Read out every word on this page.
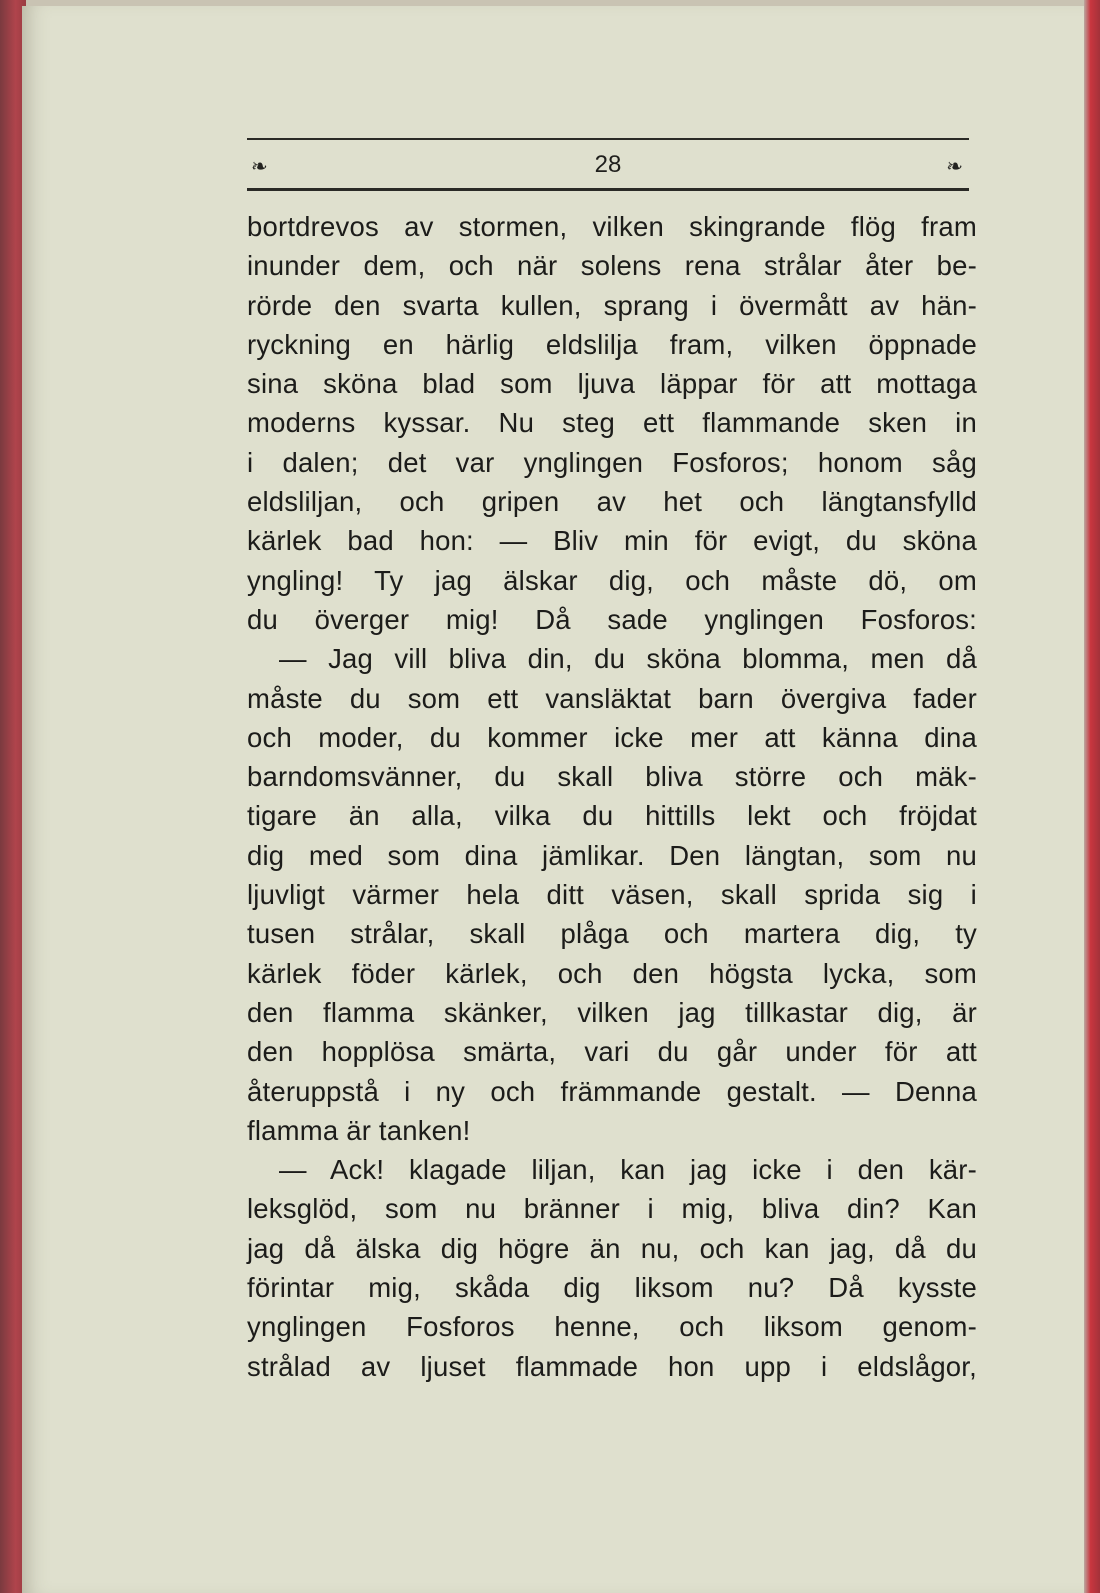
❧	28	❧
bortdrevos av stormen, vilken skingrande flög fram
inunder dem, och när solens rena strålar åter be-
rörde den svarta kullen, sprang i övermått av hän-
ryckning en härlig eldslilja fram, vilken öppnade
sina sköna blad som ljuva läppar för att mottaga
moderns kyssar. Nu steg ett flammande sken in
i dalen; det var ynglingen Fosforos; honom såg
eldsliljan, och gripen av het och längtansfylld
kärlek bad hon: — Bliv min för evigt, du sköna
yngling! Ty jag älskar dig, och måste dö, om
du överger mig! Då sade ynglingen Fosforos:
— Jag vill bliva din, du sköna blomma, men då
måste du som ett vansläktat barn övergiva fader
och moder, du kommer icke mer att känna dina
barndomsvänner, du skall bliva större och mäk-
tigare än alla, vilka du hittills lekt och fröjdat
dig med som dina jämlikar. Den längtan, som nu
ljuvligt värmer hela ditt väsen, skall sprida sig i
tusen strålar, skall plåga och martera dig, ty
kärlek föder kärlek, och den högsta lycka, som
den flamma skänker, vilken jag tillkastar dig, är
den hopplösa smärta, vari du går under för att
återuppstå i ny och främmande gestalt. — Denna
flamma är tanken!
— Ack! klagade liljan, kan jag icke i den kär-
leksglöd, som nu bränner i mig, bliva din? Kan
jag då älska dig högre än nu, och kan jag, då du
förintar mig, skåda dig liksom nu? Då kysste
ynglingen Fosforos henne, och liksom genom-
strålad av ljuset flammade hon upp i eldslågor,
